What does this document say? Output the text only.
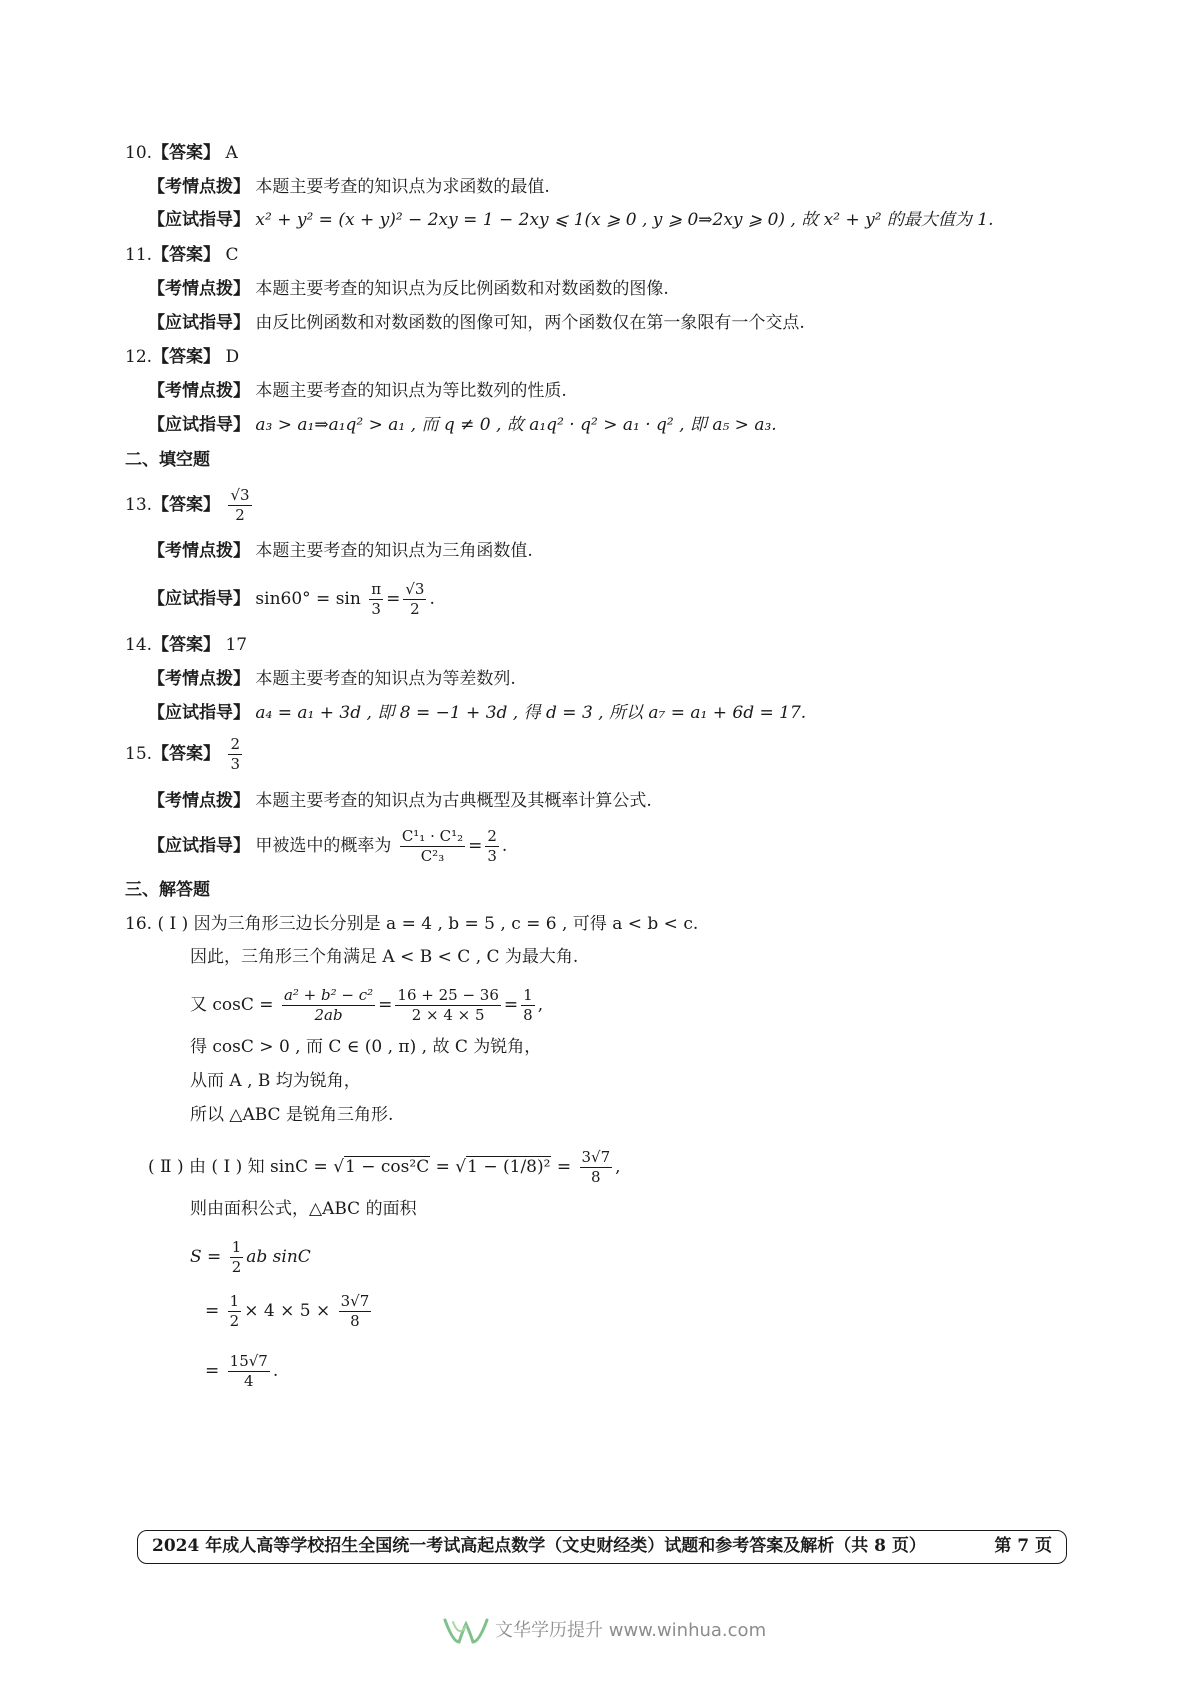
10.【答案】 A
【考情点拨】 本题主要考查的知识点为求函数的最值.
【应试指导】 x² + y² = (x + y)² − 2xy = 1 − 2xy ⩽ 1(x ⩾ 0 , y ⩾ 0⇒2xy ⩾ 0) , 故 x² + y² 的最大值为 1.
11.【答案】 C
【考情点拨】 本题主要考查的知识点为反比例函数和对数函数的图像.
【应试指导】 由反比例函数和对数函数的图像可知，两个函数仅在第一象限有一个交点.
12.【答案】 D
【考情点拨】 本题主要考查的知识点为等比数列的性质.
【应试指导】 a₃ > a₁⇒a₁q² > a₁ , 而 q ≠ 0 , 故 a₁q² · q² > a₁ · q² , 即 a₅ > a₃.
二、填空题
13.【答案】 $\frac{√3}{2}$
【考情点拨】 本题主要考查的知识点为三角函数值.
【应试指导】 $\sin 60^\circ = \sin \frac{\pi}{3} = \frac{√3}{2}$ .
14.【答案】 17
【考情点拨】 本题主要考查的知识点为等差数列.
【应试指导】 a₄ = a₁ + 3d , 即 8 = −1 + 3d , 得 d = 3 , 所以 a₇ = a₁ + 6d = 17.
15.【答案】 $\frac{2}{3}$
【考情点拨】 本题主要考查的知识点为古典概型及其概率计算公式.
【应试指导】 甲被选中的概率为 $\frac{\text{C¹₁ · C¹₂}}{\text{C²₃}} = \frac{2}{3}$ .
三、解答题
16. ( Ⅰ ) 因为三角形三边长分别是 a = 4 , b = 5 , c = 6 , 可得 a < b < c.
因此，三角形三个角满足 A < B < C , C 为最大角.
又 $\cos C = \frac{\text{a² + b² − c²}}{2ab} = \frac{16 + 25 - 36}{2 \times 4 \times 5} = \frac{1}{8}$ ,
得 cosC > 0 , 而 C ∈ (0 , π) , 故 C 为锐角，
从而 A , B 均为锐角，
所以 △ABC 是锐角三角形.
( Ⅱ ) 由 ( Ⅰ ) 知 $\sin C = √1 - \cos^2C = √1 - (1/8)^2 = \frac{3√7}{8}$ ,
则由面积公式，△ABC 的面积
$S = \frac{1}{2}$ ab sinC
= $\frac{1}{2} \times 4 \times 5 \times \frac{3√7}{8}$
= $\frac{15√7}{4}$ .
2024 年成人高等学校招生全国统一考试高起点数学（文史财经类）试题和参考答案及解析（共 8 页）	第 7 页
文华学历提升 www.winhua.com
